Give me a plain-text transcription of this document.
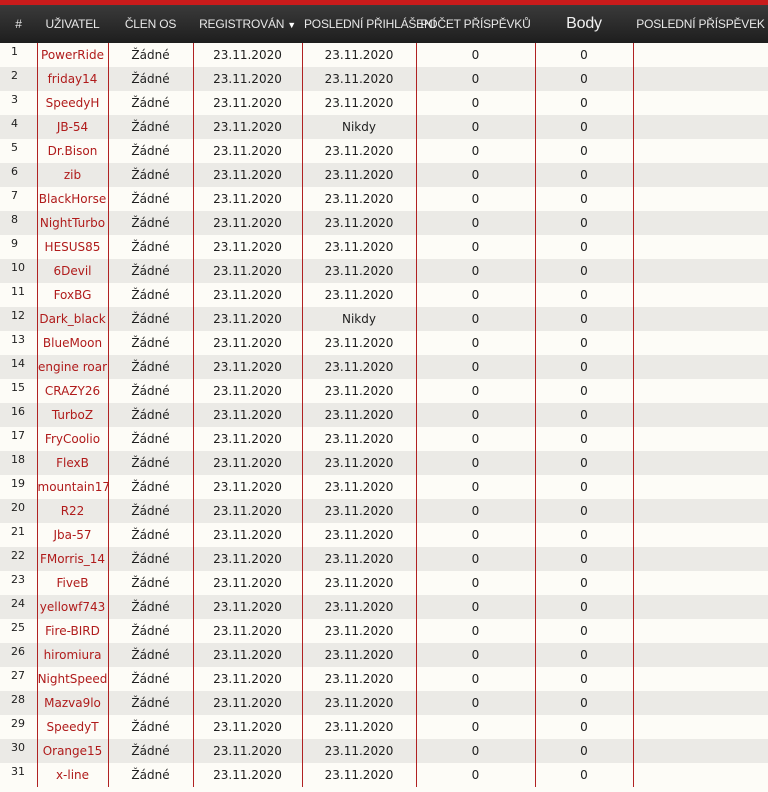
#	UŽIVATEL	ČLEN OS	REGISTROVÁN ▼	POSLEDNÍ PŘIHLÁŠENÍ	POČET PŘÍSPĚVKŮ	Body	POSLEDNÍ PŘÍSPĚVEK
1	PowerRide	Žádné	23.11.2020	23.11.2020	0	0	
2	friday14	Žádné	23.11.2020	23.11.2020	0	0	
3	SpeedyH	Žádné	23.11.2020	23.11.2020	0	0	
4	JB-54	Žádné	23.11.2020	Nikdy	0	0	
5	Dr.Bison	Žádné	23.11.2020	23.11.2020	0	0	
6	zib	Žádné	23.11.2020	23.11.2020	0	0	
7	BlackHorse	Žádné	23.11.2020	23.11.2020	0	0	
8	NightTurbo	Žádné	23.11.2020	23.11.2020	0	0	
9	HESUS85	Žádné	23.11.2020	23.11.2020	0	0	
10	6Devil	Žádné	23.11.2020	23.11.2020	0	0	
11	FoxBG	Žádné	23.11.2020	23.11.2020	0	0	
12	Dark_black	Žádné	23.11.2020	Nikdy	0	0	
13	BlueMoon	Žádné	23.11.2020	23.11.2020	0	0	
14	engine roar	Žádné	23.11.2020	23.11.2020	0	0	
15	CRAZY26	Žádné	23.11.2020	23.11.2020	0	0	
16	TurboZ	Žádné	23.11.2020	23.11.2020	0	0	
17	FryCoolio	Žádné	23.11.2020	23.11.2020	0	0	
18	FlexB	Žádné	23.11.2020	23.11.2020	0	0	
19	mountain17	Žádné	23.11.2020	23.11.2020	0	0	
20	R22	Žádné	23.11.2020	23.11.2020	0	0	
21	Jba-57	Žádné	23.11.2020	23.11.2020	0	0	
22	FMorris_14	Žádné	23.11.2020	23.11.2020	0	0	
23	FiveB	Žádné	23.11.2020	23.11.2020	0	0	
24	yellowf743	Žádné	23.11.2020	23.11.2020	0	0	
25	Fire-BIRD	Žádné	23.11.2020	23.11.2020	0	0	
26	hiromiura	Žádné	23.11.2020	23.11.2020	0	0	
27	NightSpeed	Žádné	23.11.2020	23.11.2020	0	0	
28	Mazva9lo	Žádné	23.11.2020	23.11.2020	0	0	
29	SpeedyT	Žádné	23.11.2020	23.11.2020	0	0	
30	Orange15	Žádné	23.11.2020	23.11.2020	0	0	
31	x-line	Žádné	23.11.2020	23.11.2020	0	0	
